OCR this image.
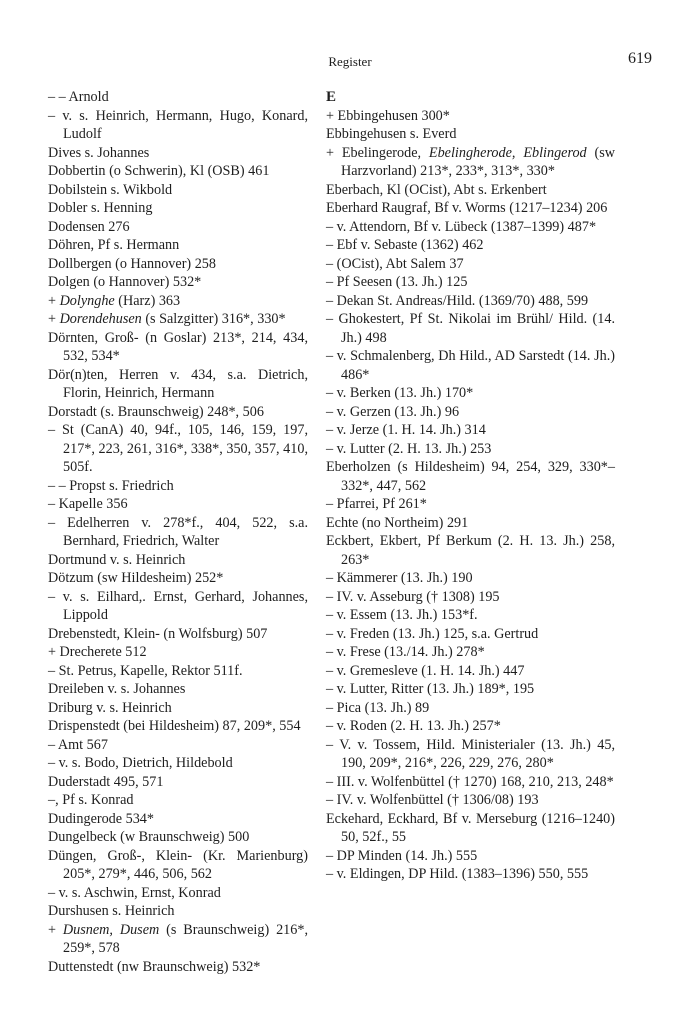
Register	619
– – Arnold
– v. s. Heinrich, Hermann, Hugo, Konard, Ludolf
Dives s. Johannes
Dobbertin (o Schwerin), Kl (OSB) 461
Dobilstein s. Wikbold
Dobler s. Henning
Dodensen 276
Döhren, Pf s. Hermann
Dollbergen (o Hannover) 258
Dolgen (o Hannover) 532*
+ Dolynghe (Harz) 363
+ Dorendehusen (s Salzgitter) 316*, 330*
Dörnten, Groß- (n Goslar) 213*, 214, 434, 532, 534*
Dör(n)ten, Herren v. 434, s.a. Dietrich, Florin, Heinrich, Hermann
Dorstadt (s. Braunschweig) 248*, 506
– St (CanA) 40, 94f., 105, 146, 159, 197, 217*, 223, 261, 316*, 338*, 350, 357, 410, 505f.
– – Propst s. Friedrich
– Kapelle 356
– Edelherren v. 278*f., 404, 522, s.a. Bernhard, Friedrich, Walter
Dortmund v. s. Heinrich
Dötzum (sw Hildesheim) 252*
– v. s. Eilhard,. Ernst, Gerhard, Johannes, Lippold
Drebenstedt, Klein- (n Wolfsburg) 507
+ Drecherete 512
– St. Petrus, Kapelle, Rektor 511f.
Dreileben v. s. Johannes
Driburg v. s. Heinrich
Drispenstedt (bei Hildesheim) 87, 209*, 554
– Amt 567
– v. s. Bodo, Dietrich, Hildebold
Duderstadt 495, 571
–, Pf s. Konrad
Dudingerode 534*
Dungelbeck (w Braunschweig) 500
Düngen, Groß-, Klein- (Kr. Marienburg) 205*, 279*, 446, 506, 562
– v. s. Aschwin, Ernst, Konrad
Durshusen s. Heinrich
+ Dusnem, Dusem (s Braunschweig) 216*, 259*, 578
Duttenstedt (nw Braunschweig) 532*
E
+ Ebbingehusen 300*
Ebbingehusen s. Everd
+ Ebelingerode, Ebelingherode, Eblingerod (sw Harzvorland) 213*, 233*, 313*, 330*
Eberbach, Kl (OCist), Abt s. Erkenbert
Eberhard Raugraf, Bf v. Worms (1217–1234) 206
– v. Attendorn, Bf v. Lübeck (1387–1399) 487*
– Ebf v. Sebaste (1362) 462
– (OCist), Abt Salem 37
– Pf Seesen (13. Jh.) 125
– Dekan St. Andreas/Hild. (1369/70) 488, 599
– Ghokestert, Pf St. Nikolai im Brühl/ Hild. (14. Jh.) 498
– v. Schmalenberg, Dh Hild., AD Sarstedt (14. Jh.) 486*
– v. Berken (13. Jh.) 170*
– v. Gerzen (13. Jh.) 96
– v. Jerze (1. H. 14. Jh.) 314
– v. Lutter (2. H. 13. Jh.) 253
Eberholzen (s Hildesheim) 94, 254, 329, 330*–332*, 447, 562
– Pfarrei, Pf 261*
Echte (no Northeim) 291
Eckbert, Ekbert, Pf Berkum (2. H. 13. Jh.) 258, 263*
– Kämmerer (13. Jh.) 190
– IV. v. Asseburg († 1308) 195
– v. Essem (13. Jh.) 153*f.
– v. Freden (13. Jh.) 125, s.a. Gertrud
– v. Frese (13./14. Jh.) 278*
– v. Gremesleve (1. H. 14. Jh.) 447
– v. Lutter, Ritter (13. Jh.) 189*, 195
– Pica (13. Jh.) 89
– v. Roden (2. H. 13. Jh.) 257*
– V. v. Tossem, Hild. Ministerialer (13. Jh.) 45, 190, 209*, 216*, 226, 229, 276, 280*
– III. v. Wolfenbüttel († 1270) 168, 210, 213, 248*
– IV. v. Wolfenbüttel († 1306/08) 193
Eckehard, Eckhard, Bf v. Merseburg (1216–1240) 50, 52f., 55
– DP Minden (14. Jh.) 555
– v. Eldingen, DP Hild. (1383–1396) 550, 555
